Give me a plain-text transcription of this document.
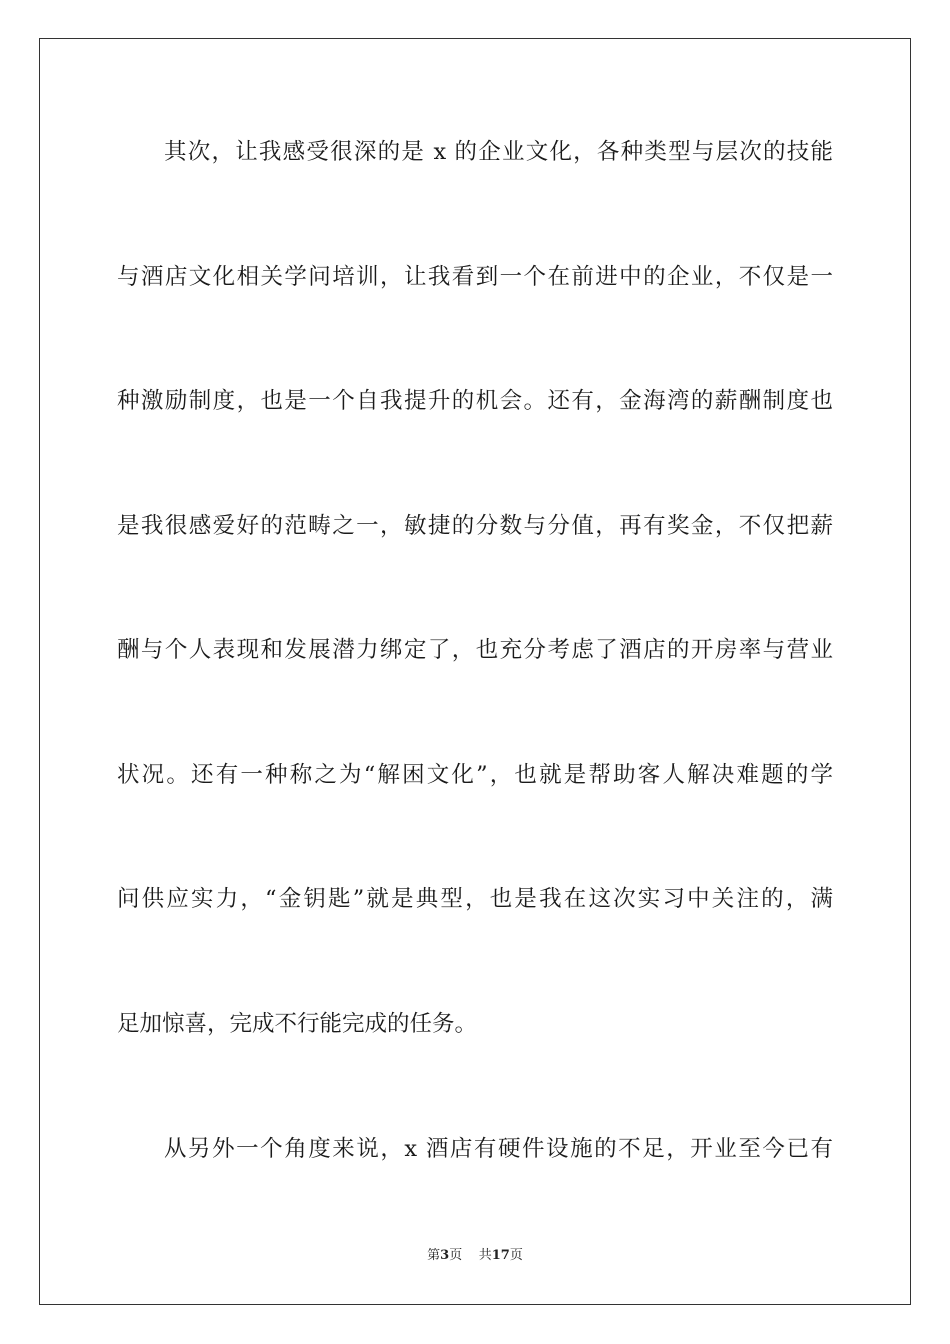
其次，让我感受很深的是 x 的企业文化，各种类型与层次的技能
与酒店文化相关学问培训，让我看到一个在前进中的企业，不仅是一
种激励制度，也是一个自我提升的机会。还有，金海湾的薪酬制度也
是我很感爱好的范畴之一，敏捷的分数与分值，再有奖金，不仅把薪
酬与个人表现和发展潜力绑定了，也充分考虑了酒店的开房率与营业
状况。还有一种称之为“解困文化”，也就是帮助客人解决难题的学
问供应实力，“金钥匙”就是典型，也是我在这次实习中关注的，满
足加惊喜，完成不行能完成的任务。
从另外一个角度来说，x 酒店有硬件设施的不足，开业至今已有
第3页 共17页
